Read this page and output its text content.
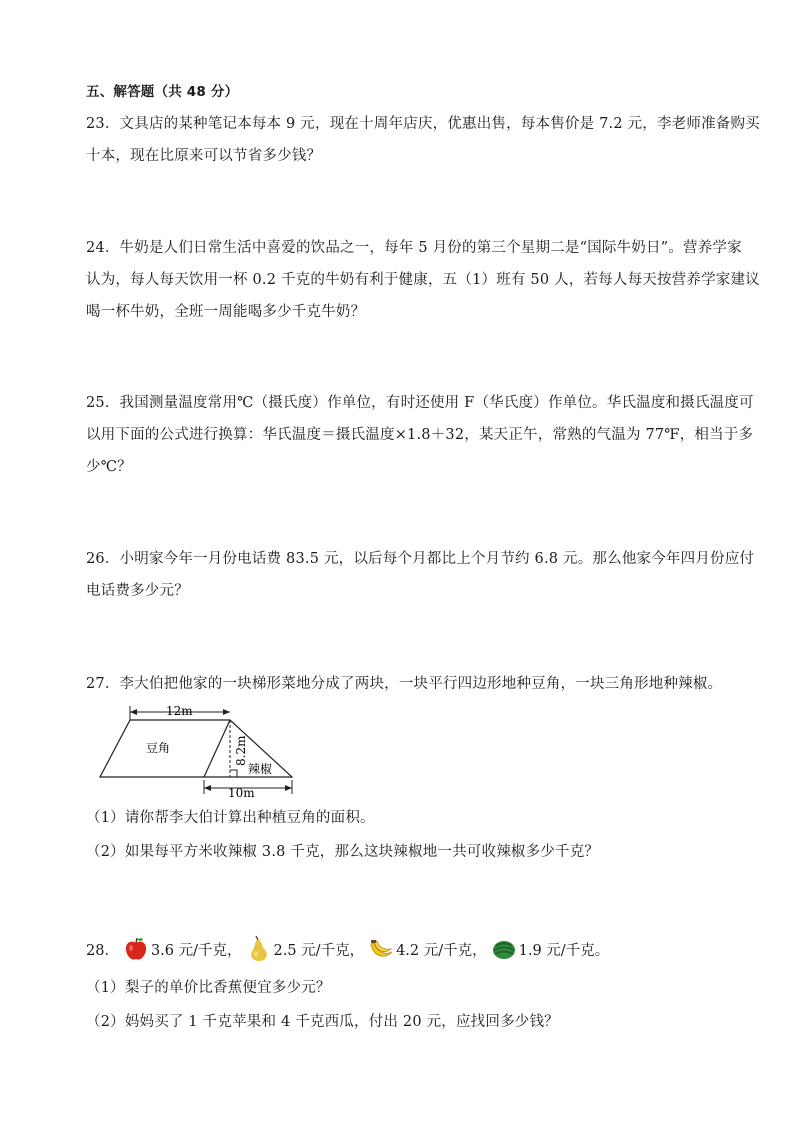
五、解答题（共 48 分）
23．文具店的某种笔记本每本 9 元，现在十周年店庆，优惠出售，每本售价是 7.2 元，李老师准备购买
十本，现在比原来可以节省多少钱？
24．牛奶是人们日常生活中喜爱的饮品之一，每年 5 月份的第三个星期二是“国际牛奶日”。营养学家
认为，每人每天饮用一杯 0.2 千克的牛奶有利于健康，五（1）班有 50 人，若每人每天按营养学家建议
喝一杯牛奶，全班一周能喝多少千克牛奶？
25．我国测量温度常用℃（摄氏度）作单位，有时还使用 F（华氏度）作单位。华氏温度和摄氏温度可
以用下面的公式进行换算：华氏温度＝摄氏温度×1.8＋32，某天正午，常熟的气温为 77℉，相当于多
少℃？
26．小明家今年一月份电话费 83.5 元，以后每个月都比上个月节约 6.8 元。那么他家今年四月份应付
电话费多少元？
27．李大伯把他家的一块梯形菜地分成了两块，一块平行四边形地种豆角，一块三角形地种辣椒。
12m
豆角
辣椒
8.2m
10m
（1）请你帮李大伯计算出种植豆角的面积。
（2）如果每平方米收辣椒 3.8 千克，那么这块辣椒地一共可收辣椒多少千克？
28． 3.6 元/千克， 2.5 元/千克， 4.2 元/千克， 1.9 元/千克。
（1）梨子的单价比香蕉便宜多少元？
（2）妈妈买了 1 千克苹果和 4 千克西瓜，付出 20 元，应找回多少钱？
